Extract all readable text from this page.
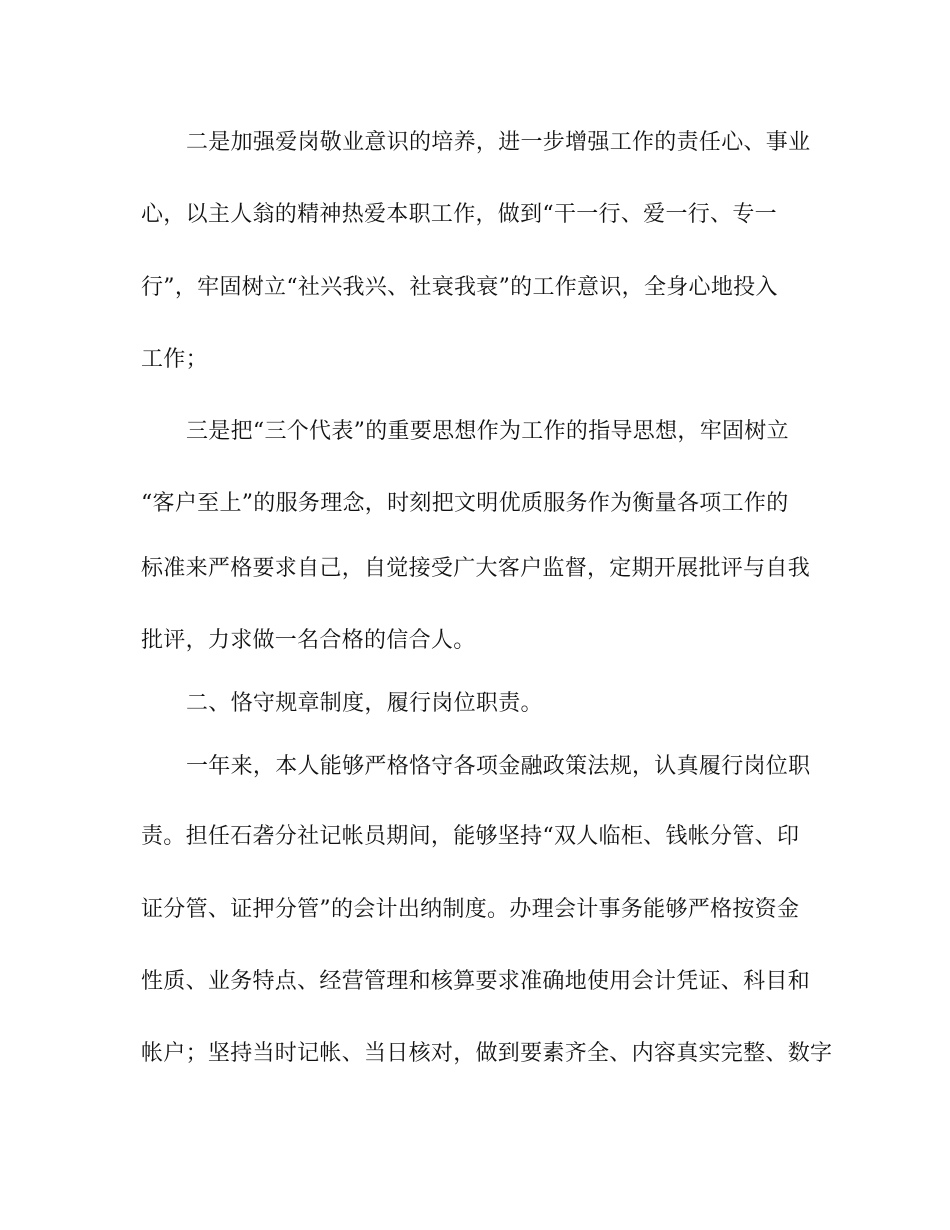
二是加强爱岗敬业意识的培养，进一步增强工作的责任心、事业
心，以主人翁的精神热爱本职工作，做到“干一行、爱一行、专一
行”，牢固树立“社兴我兴、社衰我衰”的工作意识，全身心地投入
工作；
三是把“三个代表”的重要思想作为工作的指导思想，牢固树立
“客户至上”的服务理念，时刻把文明优质服务作为衡量各项工作的
标准来严格要求自己，自觉接受广大客户监督，定期开展批评与自我
批评，力求做一名合格的信合人。
二、恪守规章制度，履行岗位职责。
一年来，本人能够严格恪守各项金融政策法规，认真履行岗位职
责。担任石砻分社记帐员期间，能够坚持“双人临柜、钱帐分管、印
证分管、证押分管”的会计出纳制度。办理会计事务能够严格按资金
性质、业务特点、经营管理和核算要求准确地使用会计凭证、科目和
帐户；坚持当时记帐、当日核对，做到要素齐全、内容真实完整、数字
